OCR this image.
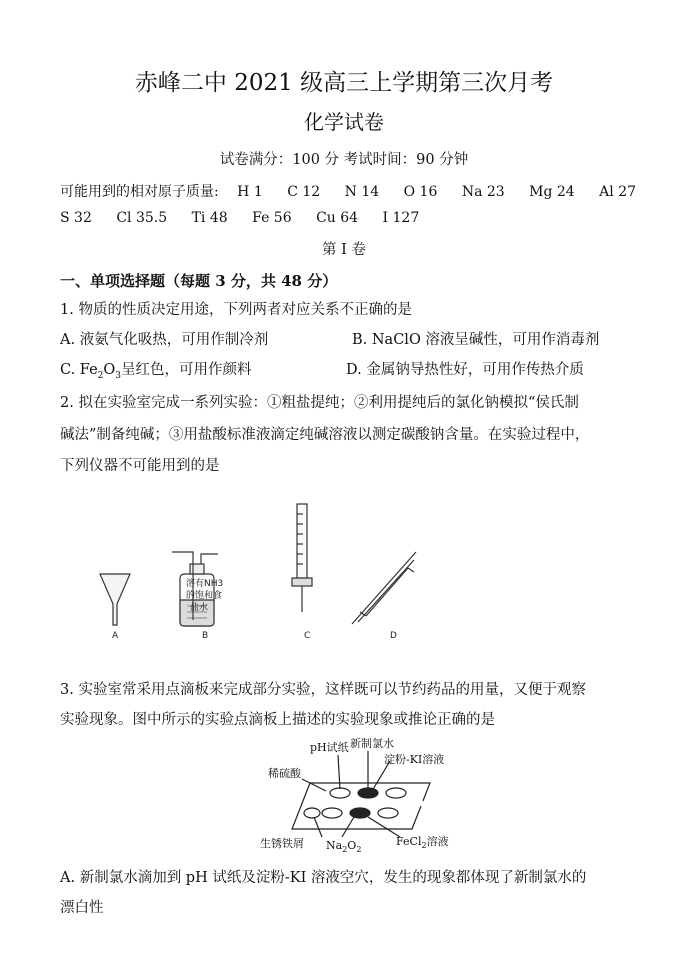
赤峰二中 2021 级高三上学期第三次月考
化学试卷
试卷满分：100 分 考试时间：90 分钟
可能用到的相对原子质量: H 1 C 12 N 14 O 16 Na 23 Mg 24 Al 27
S 32 Cl 35.5 Ti 48 Fe 56 Cu 64 I 127
第 I 卷
一、单项选择题（每题 3 分，共 48 分）
1. 物质的性质决定用途，下列两者对应关系不正确的是
A. 液氨气化吸热，可用作制冷剂	B. NaClO 溶液呈碱性，可用作消毒剂
C. $Fe_2O_3$呈红色，可用作颜料	D. 金属钠导热性好，可用作传热介质
2. 拟在实验室完成一系列实验：①粗盐提纯；②利用提纯后的氯化钠模拟“侯氏制
碱法”制备纯碱；③用盐酸标准液滴定纯碱溶液以测定碳酸钠含量。在实验过程中，
下列仪器不可能用到的是
溶有NH3
的饱和食
盐水
A	B	C	D
3. 实验室常采用点滴板来完成部分实验，这样既可以节约药品的用量，又便于观察
实验现象。图中所示的实验点滴板上描述的实验现象或推论正确的是
pH试纸 新制氯水
淀粉-KI溶液
稀硫酸
生锈铁屑 $Na_2O_2$
FeCl$_2$溶液
A. 新制氯水滴加到 pH 试纸及淀粉-KI 溶液空穴，发生的现象都体现了新制氯水的
漂白性
